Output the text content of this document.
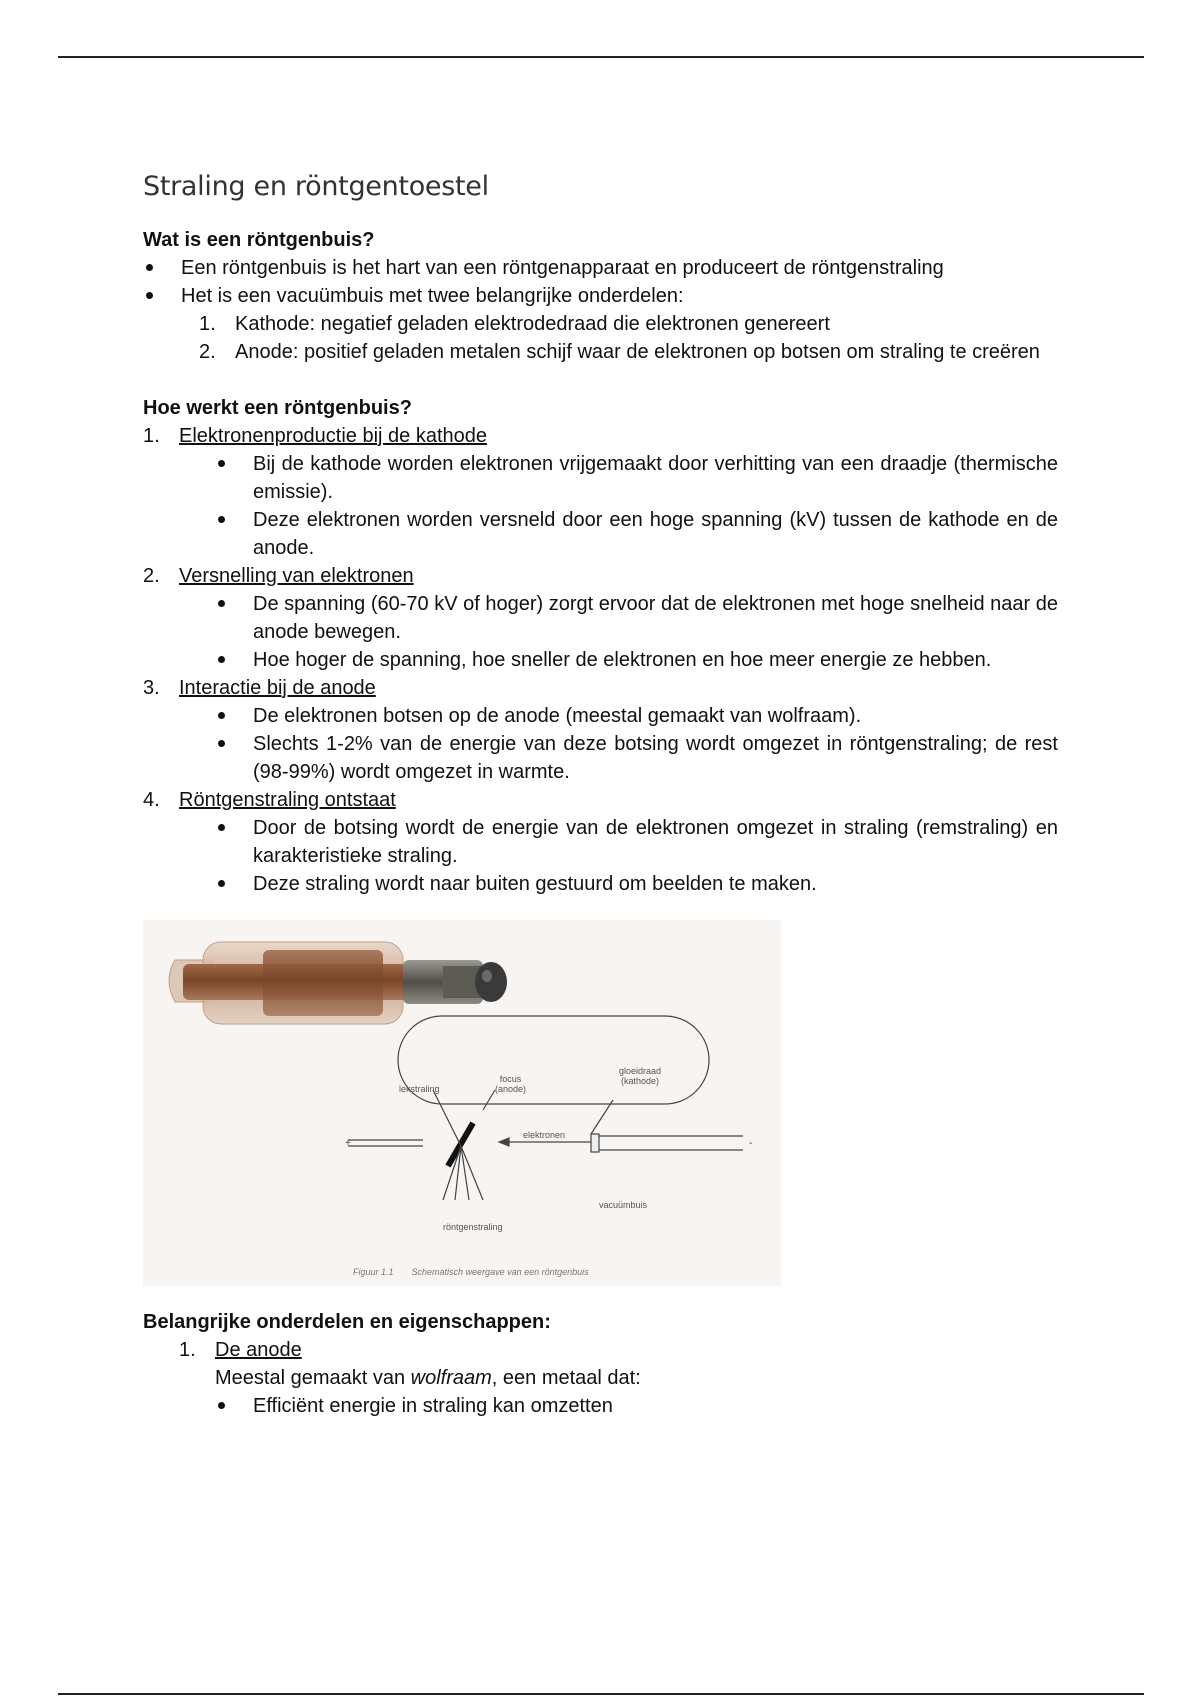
Straling en röntgentoestel

Wat is een röntgenbuis?

Een röntgenbuis is het hart van een röntgenapparaat en produceert de röntgenstraling
Het is een vacuümbuis met twee belangrijke onderdelen:
1. Kathode: negatief geladen elektrodedraad die elektronen genereert
2. Anode: positief geladen metalen schijf waar de elektronen op botsen om straling te creëren

Hoe werkt een röntgenbuis?

1. Elektronenproductie bij de kathode
Bij de kathode worden elektronen vrijgemaakt door verhitting van een draadje (thermische emissie).
Deze elektronen worden versneld door een hoge spanning (kV) tussen de kathode en de anode.
2. Versnelling van elektronen
De spanning (60-70 kV of hoger) zorgt ervoor dat de elektronen met hoge snelheid naar de anode bewegen.
Hoe hoger de spanning, hoe sneller de elektronen en hoe meer energie ze hebben.
3. Interactie bij de anode
De elektronen botsen op de anode (meestal gemaakt van wolfraam).
Slechts 1-2% van de energie van deze botsing wordt omgezet in röntgenstraling; de rest (98-99%) wordt omgezet in warmte.
4. Röntgenstraling ontstaat
Door de botsing wordt de energie van de elektronen omgezet in straling (remstraling) en karakteristieke straling.
Deze straling wordt naar buiten gestuurd om beelden te maken.
+	-
lekstraling
focus
(anode)
gloeidraad
(kathode)
elektronen
vacuümbuis
röntgenstraling
Figuur 1.1 Schematisch weergave van een röntgenbuis

Belangrijke onderdelen en eigenschappen:

1. De anode
Meestal gemaakt van wolfraam, een metaal dat:
Efficiënt energie in straling kan omzetten
